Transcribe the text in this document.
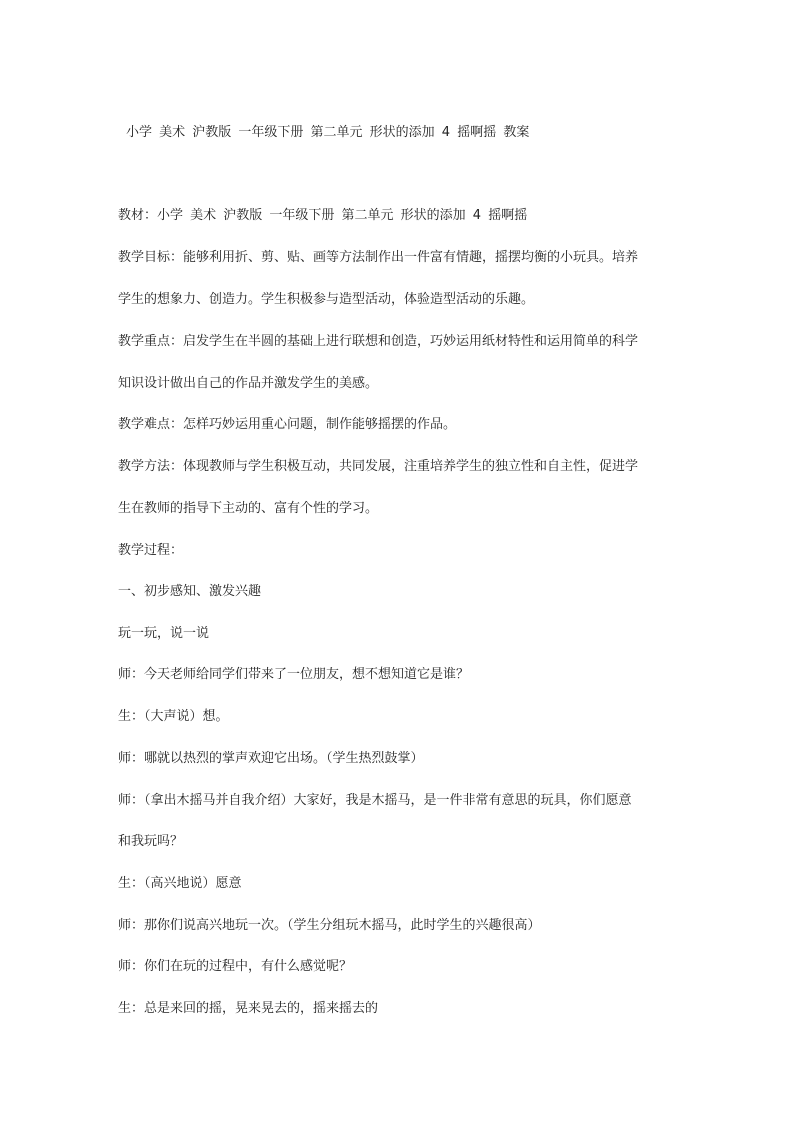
小学 美术 沪教版 一年级下册 第二单元 形状的添加 4 摇啊摇 教案
教材：小学 美术 沪教版 一年级下册 第二单元 形状的添加 4 摇啊摇
教学目标：能够利用折、剪、贴、画等方法制作出一件富有情趣，摇摆均衡的小玩具。培养
学生的想象力、创造力。学生积极参与造型活动，体验造型活动的乐趣。
教学重点：启发学生在半圆的基础上进行联想和创造，巧妙运用纸材特性和运用简单的科学
知识设计做出自己的作品并激发学生的美感。
教学难点：怎样巧妙运用重心问题，制作能够摇摆的作品。
教学方法：体现教师与学生积极互动，共同发展，注重培养学生的独立性和自主性，促进学
生在教师的指导下主动的、富有个性的学习。
教学过程：
一、初步感知、激发兴趣
玩一玩，说一说
师：今天老师给同学们带来了一位朋友，想不想知道它是谁？
生：（大声说）想。
师：哪就以热烈的掌声欢迎它出场。（学生热烈鼓掌）
师：（拿出木摇马并自我介绍）大家好，我是木摇马，是一件非常有意思的玩具，你们愿意
和我玩吗？
生：（高兴地说）愿意
师：那你们说高兴地玩一次。（学生分组玩木摇马，此时学生的兴趣很高）
师：你们在玩的过程中，有什么感觉呢？
生：总是来回的摇，晃来晃去的，摇来摇去的
